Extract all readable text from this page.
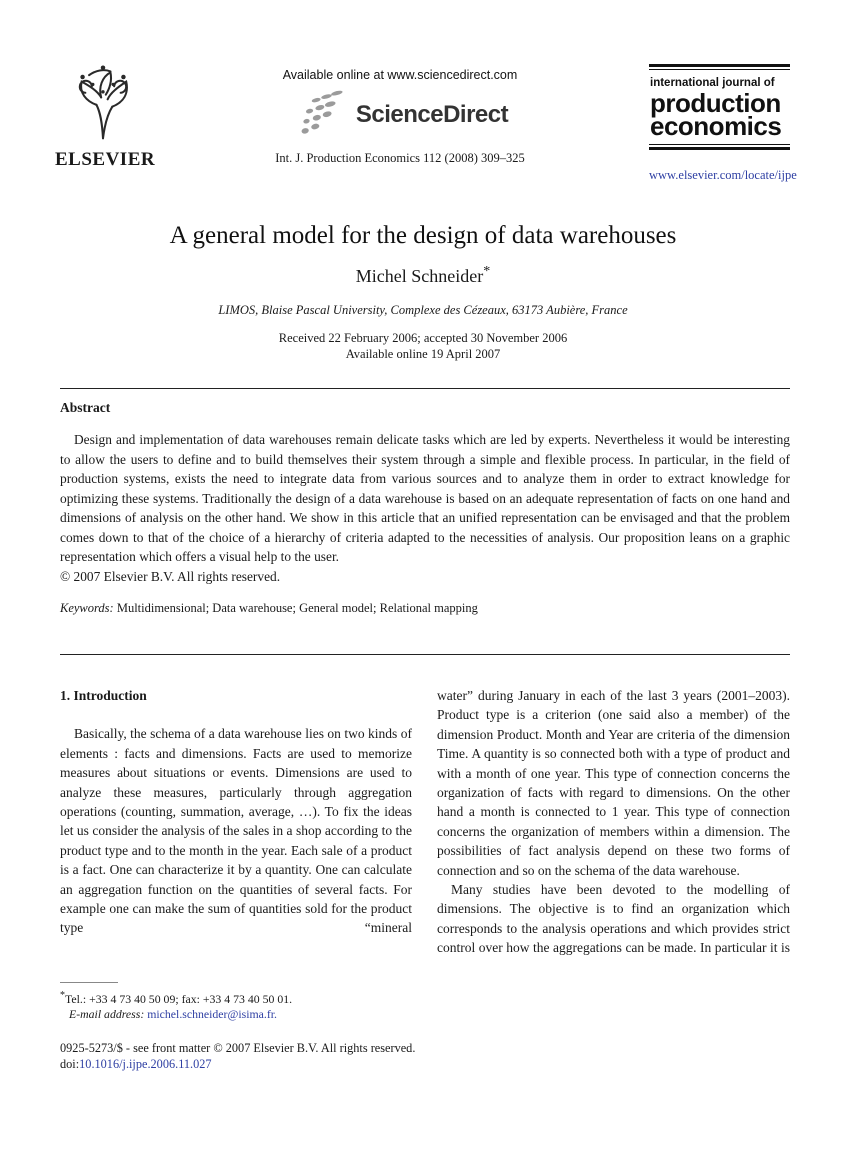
ELSEVIER
Available online at www.sciencedirect.com
ScienceDirect
Int. J. Production Economics 112 (2008) 309–325
international journal of
production
economics
www.elsevier.com/locate/ijpe
A general model for the design of data warehouses
Michel Schneider*
LIMOS, Blaise Pascal University, Complexe des Cézeaux, 63173 Aubière, France
Received 22 February 2006; accepted 30 November 2006
Available online 19 April 2007
Abstract
Design and implementation of data warehouses remain delicate tasks which are led by experts. Nevertheless it would be interesting to allow the users to define and to build themselves their system through a simple and flexible process. In particular, in the field of production systems, exists the need to integrate data from various sources and to analyze them in order to extract knowledge for optimizing these systems. Traditionally the design of a data warehouse is based on an adequate representation of facts on one hand and dimensions of analysis on the other hand. We show in this article that an unified representation can be envisaged and that the problem comes down to that of the choice of a hierarchy of criteria adapted to the necessities of analysis. Our proposition leans on a graphic representation which offers a visual help to the user.
© 2007 Elsevier B.V. All rights reserved.
Keywords: Multidimensional; Data warehouse; General model; Relational mapping
1. Introduction
Basically, the schema of a data warehouse lies on two kinds of elements : facts and dimensions. Facts are used to memorize measures about situations or events. Dimensions are used to analyze these measures, particularly through aggregation operations (counting, summation, average, …). To fix the ideas let us consider the analysis of the sales in a shop according to the product type and to the month in the year. Each sale of a product is a fact. One can characterize it by a quantity. One can calculate an aggregation function on the quantities of several facts. For example one can make the sum of quantities sold for the product type “mineral
water” during January in each of the last 3 years (2001–2003). Product type is a criterion (one said also a member) of the dimension Product. Month and Year are criteria of the dimension Time. A quantity is so connected both with a type of product and with a month of one year. This type of connection concerns the organization of facts with regard to dimensions. On the other hand a month is connected to 1 year. This type of connection concerns the organization of members within a dimension. The possibilities of fact analysis depend on these two forms of connection and so on the schema of the data warehouse.
Many studies have been devoted to the modelling of dimensions. The objective is to find an organization which corresponds to the analysis operations and which provides strict control over how the aggregations can be made. In particular it is
*Tel.: +33 4 73 40 50 09; fax: +33 4 73 40 50 01.
E-mail address: michel.schneider@isima.fr.
0925-5273/$ - see front matter © 2007 Elsevier B.V. All rights reserved.
doi:10.1016/j.ijpe.2006.11.027
